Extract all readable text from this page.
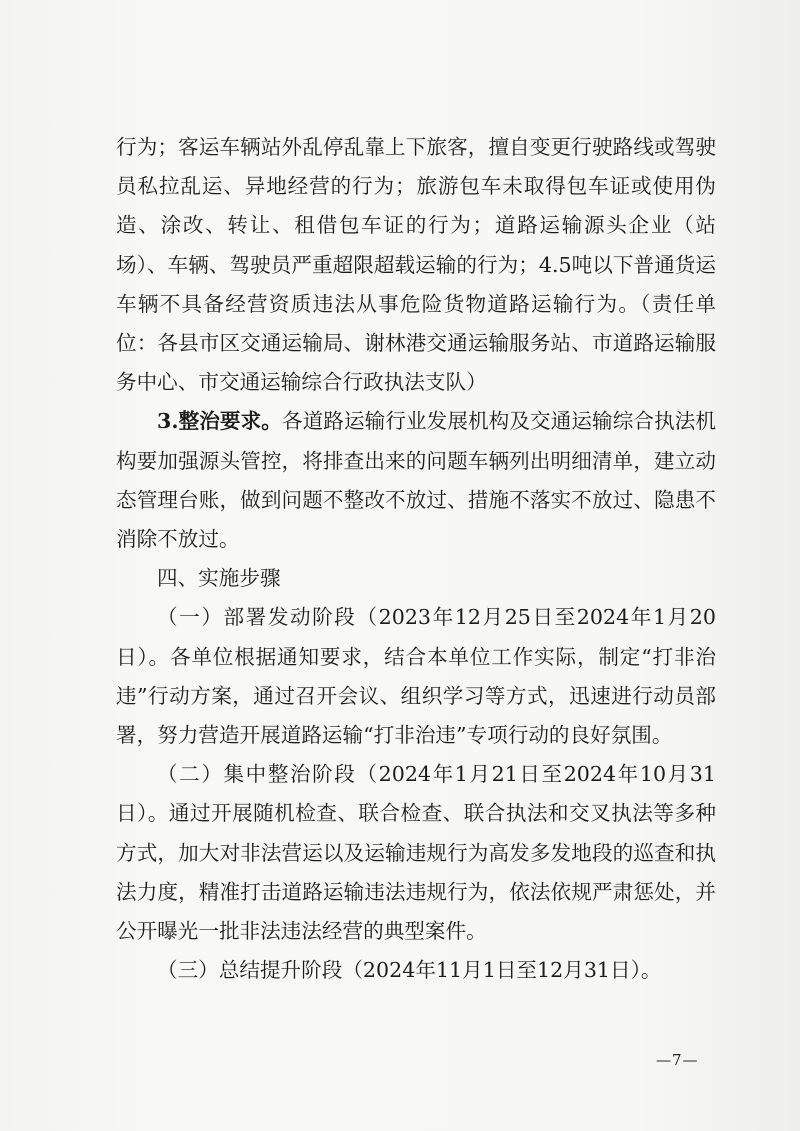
行为；客运车辆站外乱停乱靠上下旅客，擅自变更行驶路线或驾驶员私拉乱运、异地经营的行为；旅游包车未取得包车证或使用伪造、涂改、转让、租借包车证的行为；道路运输源头企业（站场）、车辆、驾驶员严重超限超载运输的行为；4.5吨以下普通货运车辆不具备经营资质违法从事危险货物道路运输行为。（责任单位：各县市区交通运输局、谢林港交通运输服务站、市道路运输服务中心、市交通运输综合行政执法支队）

3.整治要求。各道路运输行业发展机构及交通运输综合执法机构要加强源头管控，将排查出来的问题车辆列出明细清单，建立动态管理台账，做到问题不整改不放过、措施不落实不放过、隐患不消除不放过。

四、实施步骤

（一）部署发动阶段（2023年12月25日至2024年1月20日）。各单位根据通知要求，结合本单位工作实际，制定“打非治违”行动方案，通过召开会议、组织学习等方式，迅速进行动员部署，努力营造开展道路运输“打非治违”专项行动的良好氛围。

（二）集中整治阶段（2024年1月21日至2024年10月31日）。通过开展随机检查、联合检查、联合执法和交叉执法等多种方式，加大对非法营运以及运输违规行为高发多发地段的巡查和执法力度，精准打击道路运输违法违规行为，依法依规严肃惩处，并公开曝光一批非法违法经营的典型案件。

（三）总结提升阶段（2024年11月1日至12月31日）。

—7—
